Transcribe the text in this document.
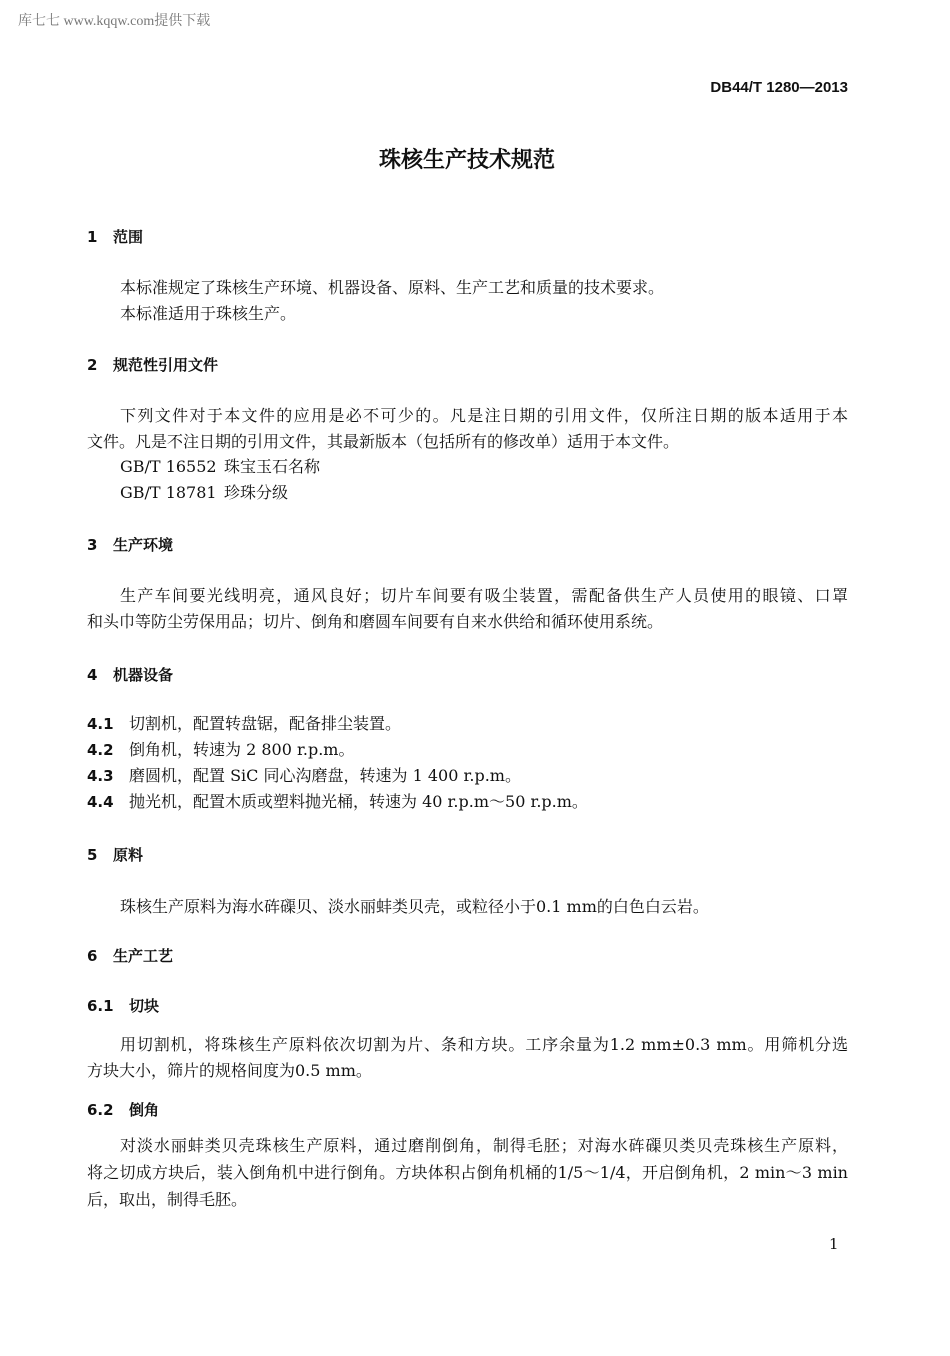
库七七 www.kqqw.com提供下载
DB44/T 1280—2013
珠核生产技术规范
1 范围
本标准规定了珠核生产环境、机器设备、原料、生产工艺和质量的技术要求。
本标准适用于珠核生产。
2 规范性引用文件
下列文件对于本文件的应用是必不可少的。凡是注日期的引用文件，仅所注日期的版本适用于本
文件。凡是不注日期的引用文件，其最新版本（包括所有的修改单）适用于本文件。
GB/T 16552 珠宝玉石名称
GB/T 18781 珍珠分级
3 生产环境
生产车间要光线明亮，通风良好；切片车间要有吸尘装置，需配备供生产人员使用的眼镜、口罩
和头巾等防尘劳保用品；切片、倒角和磨圆车间要有自来水供给和循环使用系统。
4 机器设备
4.1 切割机，配置转盘锯，配备排尘装置。
4.2 倒角机，转速为 2 800 r.p.m。
4.3 磨圆机，配置 SiC 同心沟磨盘，转速为 1 400 r.p.m。
4.4 抛光机，配置木质或塑料抛光桶，转速为 40 r.p.m～50 r.p.m。
5 原料
珠核生产原料为海水砗磲贝、淡水丽蚌类贝壳，或粒径小于0.1 mm的白色白云岩。
6 生产工艺
6.1 切块
用切割机，将珠核生产原料依次切割为片、条和方块。工序余量为1.2 mm±0.3 mm。用筛机分选
方块大小，筛片的规格间度为0.5 mm。
6.2 倒角
对淡水丽蚌类贝壳珠核生产原料，通过磨削倒角，制得毛胚；对海水砗磲贝类贝壳珠核生产原料，
将之切成方块后，装入倒角机中进行倒角。方块体积占倒角机桶的1/5～1/4，开启倒角机，2 min～3 min
后，取出，制得毛胚。
1
